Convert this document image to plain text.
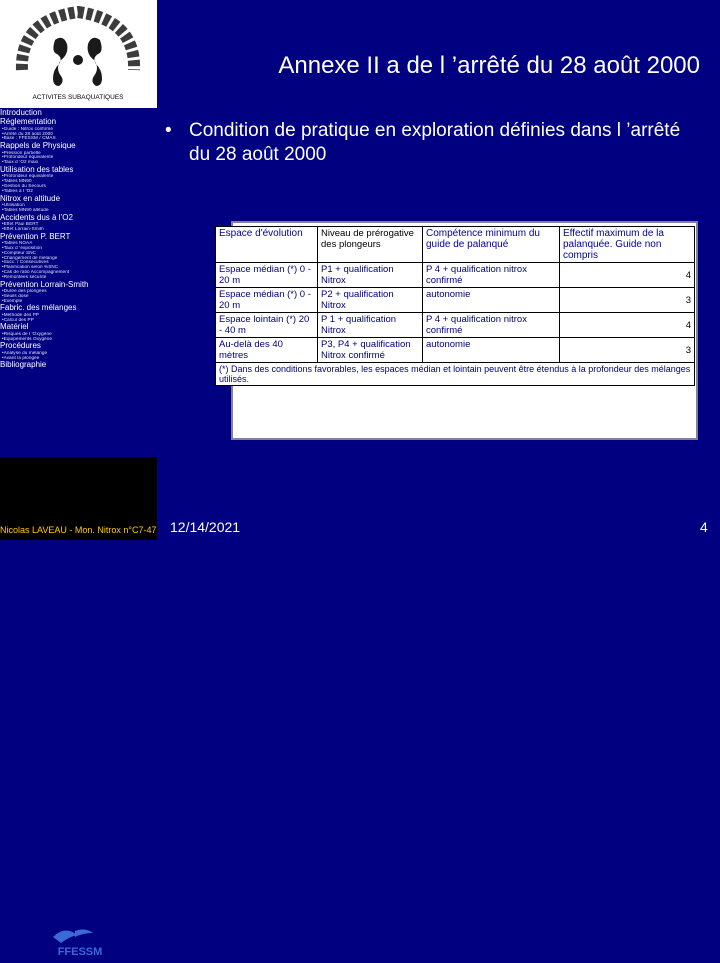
ACTIVITES SUBAQUATIQUES
Introduction
Réglementation
•Guide : Nitrox confirmé
•Arrêté du 28 août 2000
•Base : FFESSM / CMAS
Rappels de Physique
•Pression partielle
•Profondeur équivalente
•Taux d ’O2 maxi
Utilisation des tables
•Profondeur équivalente
•Tables MN90
•Gestion du Secours
•Tables à l ’O2
Nitrox en altitude
•Utilisation
•Tables MN90 altitude
Accidents dus à l’O2
•Effet Paul BERT
•Effet Lorrain-Smith
Prévention P. BERT
•Tables NOAA
•Taux d ’exposition
•Compteur SNC
•Changement de mélange
•Succ. / Consecutives
•Planification selon %SNC
•Cas de ratio Accompagnement
•Remontées sécurité
Prévention Lorrain-Smith
•Durée des plongées
•Seuils dose
•Exemple
Fabric. des mélanges
•Méthode des PP
•Calcul des PP
Matériel
•Risques de l ’Oxygène
•Equipements Oxygène
Procédures
•Analyse du mélange
•Avant la plongée
Bibliographie
FFESSM
Annexe II a de l ’arrêté du 28 août 2000
• Condition de pratique en exploration définies dans l ’arrêté du 28 août 2000
Espace d'évolution	Niveau de prérogative des plongeurs	Compétence minimum du guide de palanqué	Effectif maximum de la palanquée. Guide non compris
Espace médian (*) 0 - 20 m	P1 + qualification Nitrox	P 4 + qualification nitrox confirmé	4
Espace médian (*) 0 - 20 m	P2 + qualification Nitrox	autonomie	3
Espace lointain (*) 20 - 40 m	P 1 + qualification Nitrox	P 4 + qualification nitrox confirmé	4
Au-delà des 40 mètres	P3, P4 + qualification Nitrox confirmé	autonomie	3
(*) Dans des conditions favorables, les espaces médian et lointain peuvent être étendus à la profondeur des mélanges utilisés.			
Nicolas LAVEAU - Mon. Nitrox n°C7-47 12/14/2021	4
